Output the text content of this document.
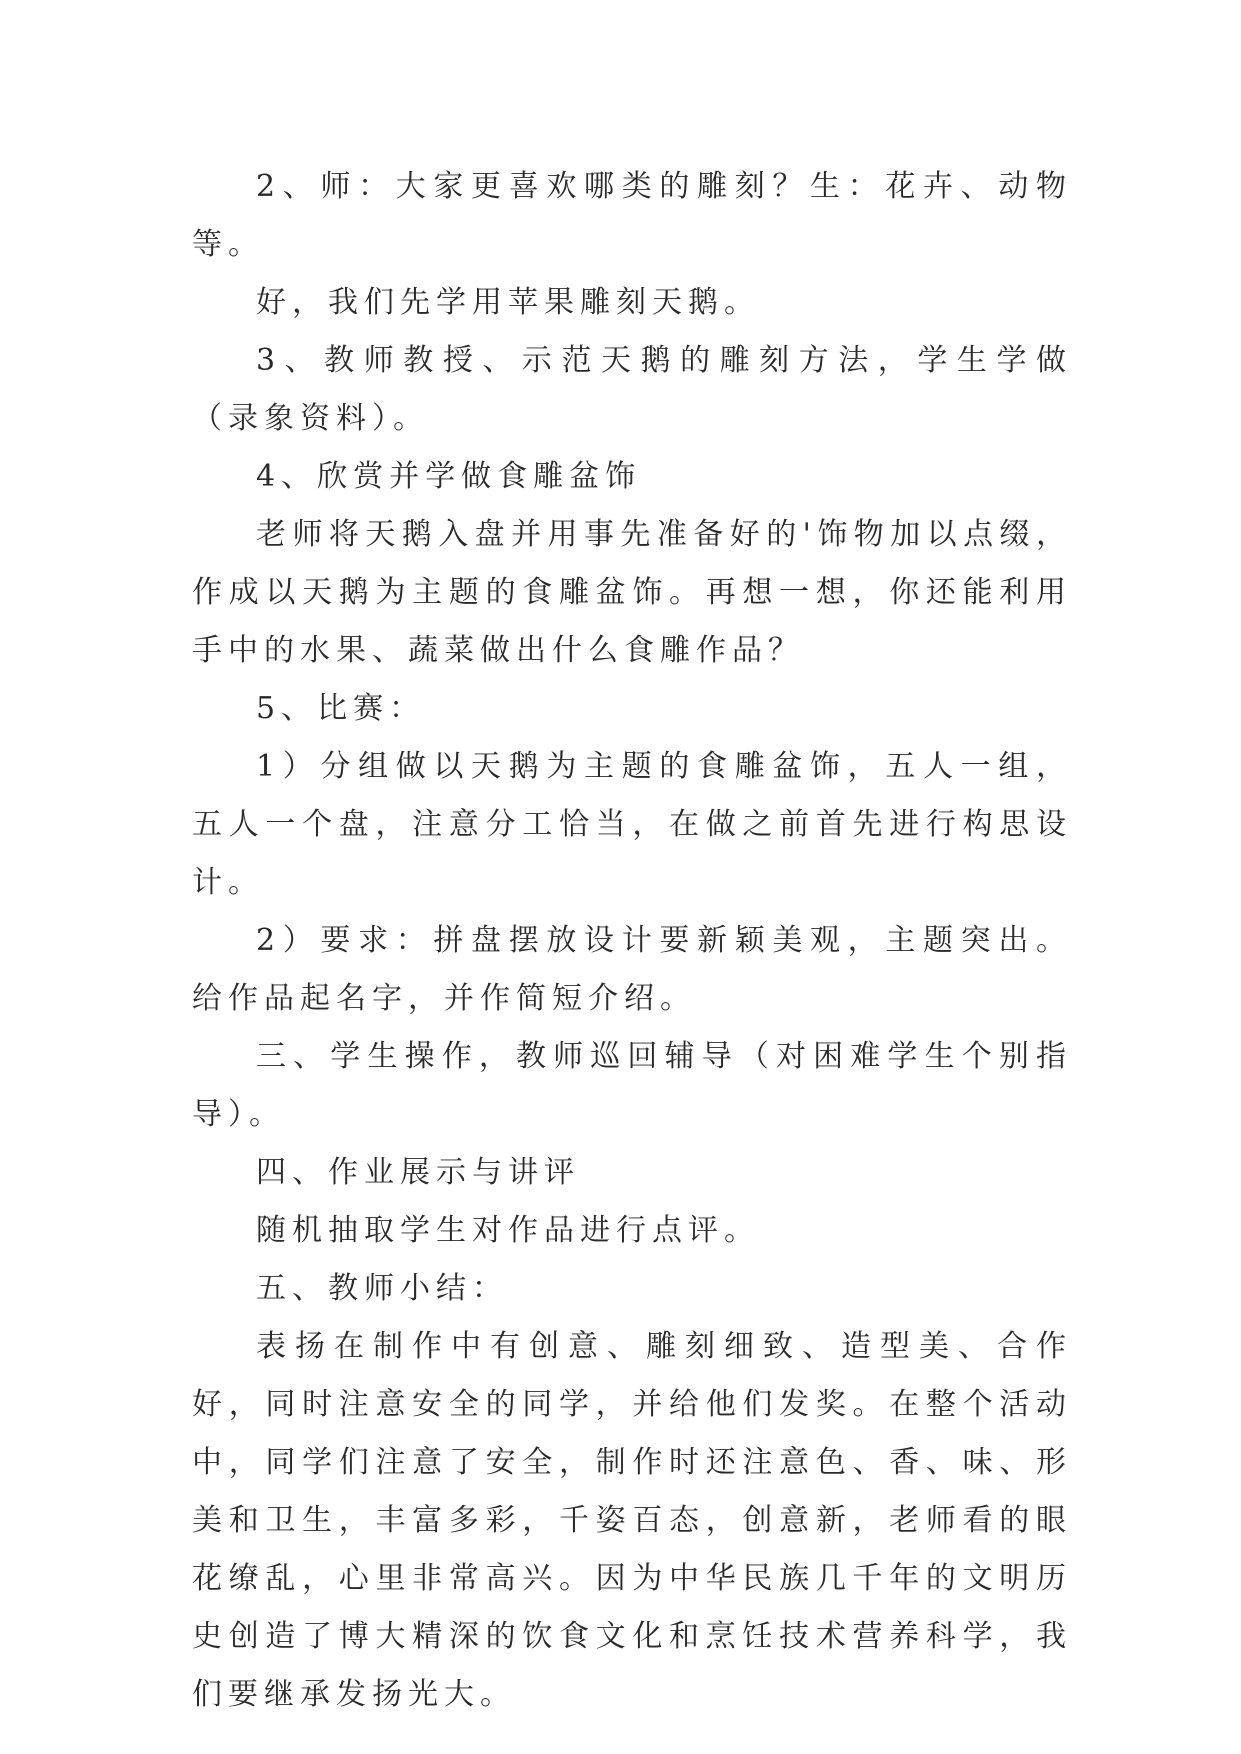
2、师：大家更喜欢哪类的雕刻？生：花卉、动物等。

好，我们先学用苹果雕刻天鹅。

3、教师教授、示范天鹅的雕刻方法，学生学做（录象资料）。

4、欣赏并学做食雕盆饰

老师将天鹅入盘并用事先准备好的'饰物加以点缀，作成以天鹅为主题的食雕盆饰。再想一想，你还能利用手中的水果、蔬菜做出什么食雕作品？

5、比赛：

1）分组做以天鹅为主题的食雕盆饰，五人一组，五人一个盘，注意分工恰当，在做之前首先进行构思设计。

2）要求：拼盘摆放设计要新颖美观，主题突出。给作品起名字，并作简短介绍。

三、学生操作，教师巡回辅导（对困难学生个别指导）。

四、作业展示与讲评

随机抽取学生对作品进行点评。

五、教师小结：

表扬在制作中有创意、雕刻细致、造型美、合作好，同时注意安全的同学，并给他们发奖。在整个活动中，同学们注意了安全，制作时还注意色、香、味、形美和卫生，丰富多彩，千姿百态，创意新，老师看的眼花缭乱，心里非常高兴。因为中华民族几千年的文明历史创造了博大精深的饮食文化和烹饪技术营养科学，我们要继承发扬光大。
